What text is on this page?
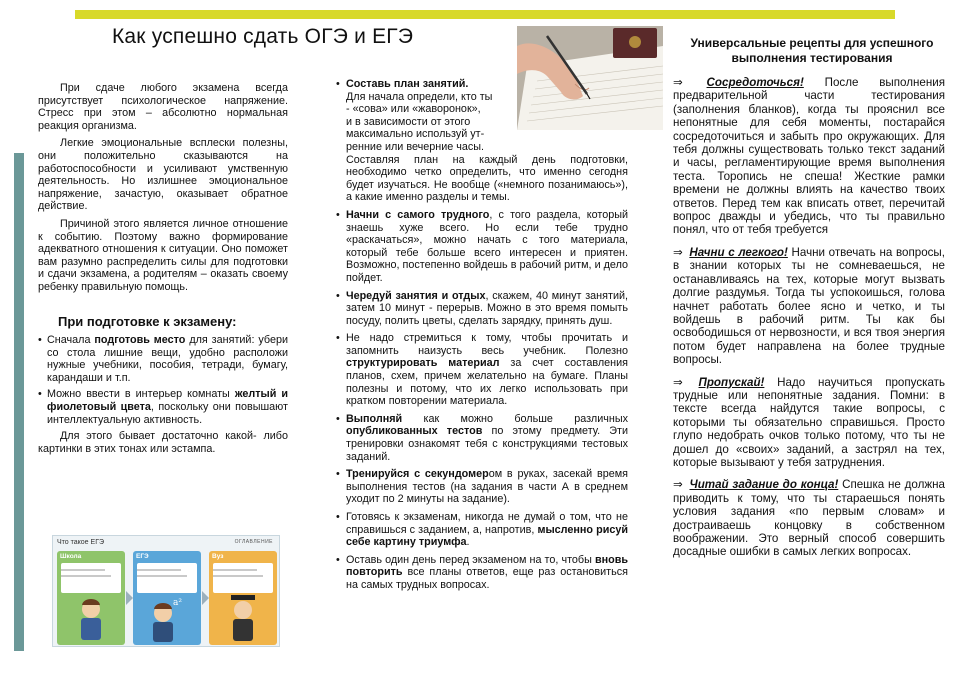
Как успешно сдать ОГЭ и ЕГЭ

При сдаче любого экзамена всегда присутствует психологическое напряжение. Стресс при этом – абсолютно нормальная реакция организма.

Легкие эмоциональные всплески полезны, они положительно сказываются на работоспособности и усиливают умственную деятельность. Но излишнее эмоциональное напряжение, зачастую, оказывает обратное действие.

Причиной этого является личное отношение к событию. Поэтому важно формирование адекватного отношения к ситуации. Оно поможет вам разумно распределить силы для подготовки и сдачи экзамена, а родителям – оказать своему ребенку правильную помощь.

При подготовке к экзамену:

• Сначала подготовь место для занятий: убери со стола лишние вещи, удобно расположи нужные учебники, пособия, тетради, бумагу, карандаши и т.п.
• Можно ввести в интерьер комнаты желтый и фиолетовый цвета, поскольку они повышают интеллектуальную активность.

Для этого бывает достаточно какой- либо картинки в этих тонах или эстампа.

• Составь план занятий.

Для начала определи, кто ты

- «сова» или «жаворонок»,

и в зависимости от этого

максимально используй ут-

ренние или вечерние часы.

Составляя план на каждый день подготовки, необходимо четко определить, что именно сегодня будет изучаться. Не вообще («немного позанимаюсь»), а какие именно разделы и темы.

• Начни с самого трудного, с того раздела, который знаешь хуже всего. Но если тебе трудно «раскачаться», можно начать с того материала, который тебе больше всего интересен и приятен. Возможно, постепенно войдешь в рабочий ритм, и дело пойдет.
• Чередуй занятия и отдых, скажем, 40 минут занятий, затем 10 минут - перерыв. Можно в это время помыть посуду, полить цветы, сделать зарядку, принять душ.
• Не надо стремиться к тому, чтобы прочитать и запомнить наизусть весь учебник. Полезно структурировать материал за счет составления планов, схем, причем желательно на бумаге. Планы полезны и потому, что их легко использовать при кратком повторении материала.
• Выполняй как можно больше различных опубликованных тестов по этому предмету. Эти тренировки ознакомят тебя с конструкциями тестовых заданий.
• Тренируйся с секундомером в руках, засекай время выполнения тестов (на задания в части А в среднем уходит по 2 минуты на задание).
• Готовясь к экзаменам, никогда не думай о том, что не справишься с заданием, а, напротив, мысленно рисуй себе картину триумфа.
• Оставь один день перед экзаменом на то, чтобы вновь повторить все планы ответов, еще раз остановиться на самых трудных вопросах.

Универсальные рецепты для успешного выполнения тестирования

⇒ Сосредоточься! После выполнения предварительной части тестирования (заполнения бланков), когда ты прояснил все непонятные для себя моменты, постарайся сосредоточиться и забыть про окружающих. Для тебя должны существовать только текст заданий и часы, регламентирующие время выполнения теста. Торопись не спеша! Жесткие рамки времени не должны влиять на качество твоих ответов. Перед тем как вписать ответ, перечитай вопрос дважды и убедись, что ты правильно понял, что от тебя требуется

⇒ Начни с легкого! Начни отвечать на вопросы, в знании которых ты не сомневаешься, не останавливаясь на тех, которые могут вызвать долгие раздумья. Тогда ты успокоишься, голова начнет работать более ясно и четко, и ты войдешь в рабочий ритм. Ты как бы освободишься от нервозности, и вся твоя энергия потом будет направлена на более трудные вопросы.

⇒ Пропускай! Надо научиться пропускать трудные или непонятные задания. Помни: в тексте всегда найдутся такие вопросы, с которыми ты обязательно справишься. Просто глупо недобрать очков только потому, что ты не дошел до «своих» заданий, а застрял на тех, которые вызывают у тебя затруднения.

⇒ Читай задание до конца! Спешка не должна приводить к тому, что ты стараешься понять условия задания «по первым словам» и достраиваешь концовку в собственном воображении. Это верный способ совершить досадные ошибки в самых легких вопросах.

Что такое ЕГЭ	ОГЛАВЛЕНИЕ
Школа	ЕГЭ
a²
Вуз
